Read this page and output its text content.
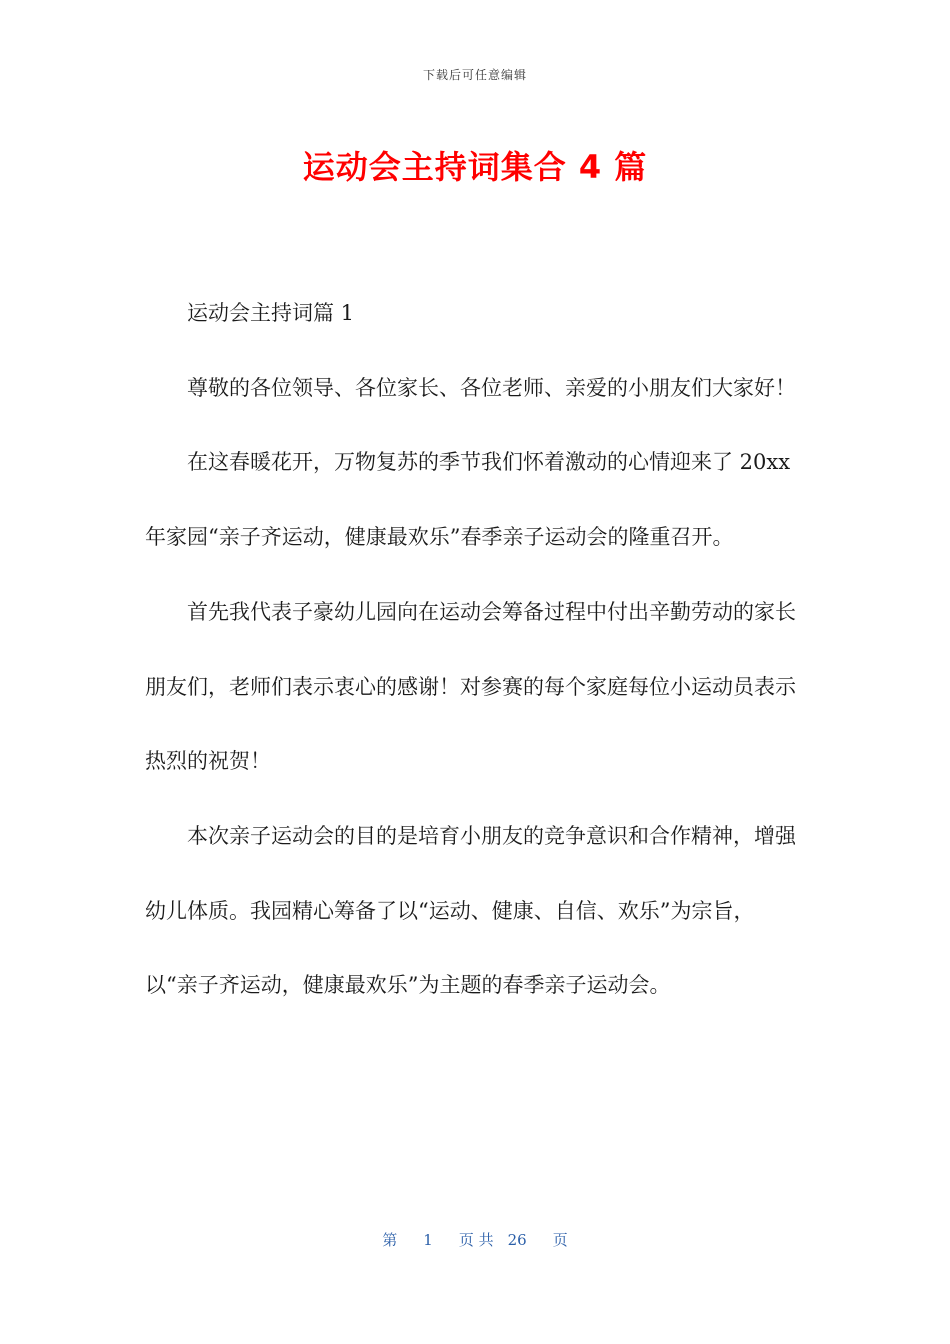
下载后可任意编辑
运动会主持词集合 4 篇

运动会主持词篇 1

尊敬的各位领导、各位家长、各位老师、亲爱的小朋友们大家好！

在这春暖花开，万物复苏的季节我们怀着激动的心情迎来了 20xx 年家园“亲子齐运动，健康最欢乐”春季亲子运动会的隆重召开。

首先我代表子豪幼儿园向在运动会筹备过程中付出辛勤劳动的家长朋友们，老师们表示衷心的感谢！对参赛的每个家庭每位小运动员表示热烈的祝贺！

本次亲子运动会的目的是培育小朋友的竞争意识和合作精神，增强幼儿体质。我园精心筹备了以“运动、健康、自信、欢乐”为宗旨，以“亲子齐运动，健康最欢乐”为主题的春季亲子运动会。

第 1 页 共 26 页
